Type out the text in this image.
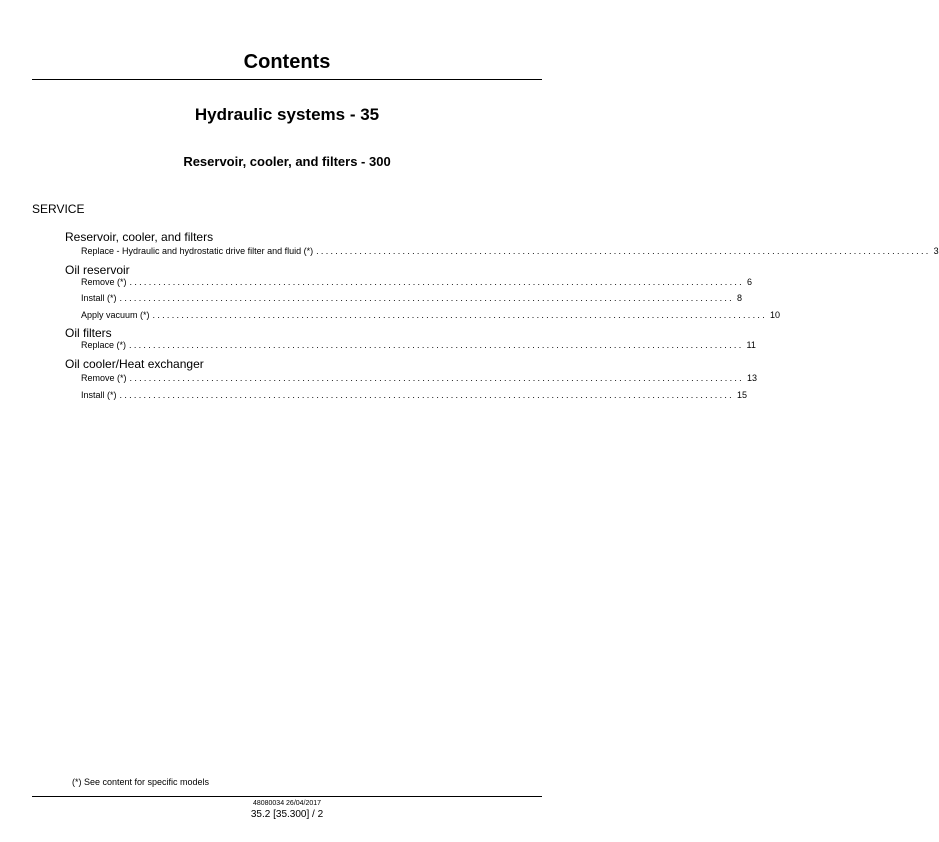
Contents
Hydraulic systems - 35
Reservoir, cooler, and filters - 300
SERVICE
Reservoir, cooler, and filters
Replace - Hydraulic and hydrostatic drive filter and fluid (*) ................................................................................................................................ 3
Oil reservoir
Remove (*) ................................................................................................................................ 6
Install (*) ................................................................................................................................ 8
Apply vacuum (*) ................................................................................................................................ 10
Oil filters
Replace (*) ................................................................................................................................ 11
Oil cooler/Heat exchanger
Remove (*) ................................................................................................................................ 13
Install (*) ................................................................................................................................ 15
(*) See content for specific models
48080034 26/04/2017
35.2 [35.300] / 2
